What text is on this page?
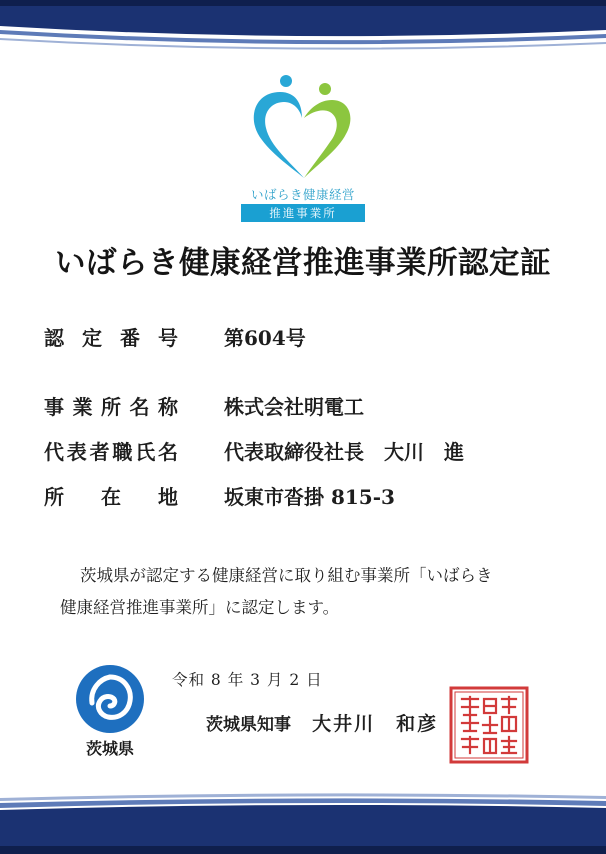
いばらき健康経営
推進事業所
いばらき健康経営推進事業所認定証
認定番号 第604号
事業所名称 株式会社明電工
代表者職氏名 代表取締役社長　大川　進
所在地 坂東市沓掛 815-3
茨城県が認定する健康経営に取り組む事業所「いばらき
健康経営推進事業所」に認定します。
茨城県
令和 8 年 3 月 2 日
茨城県知事 大井川　和彦
